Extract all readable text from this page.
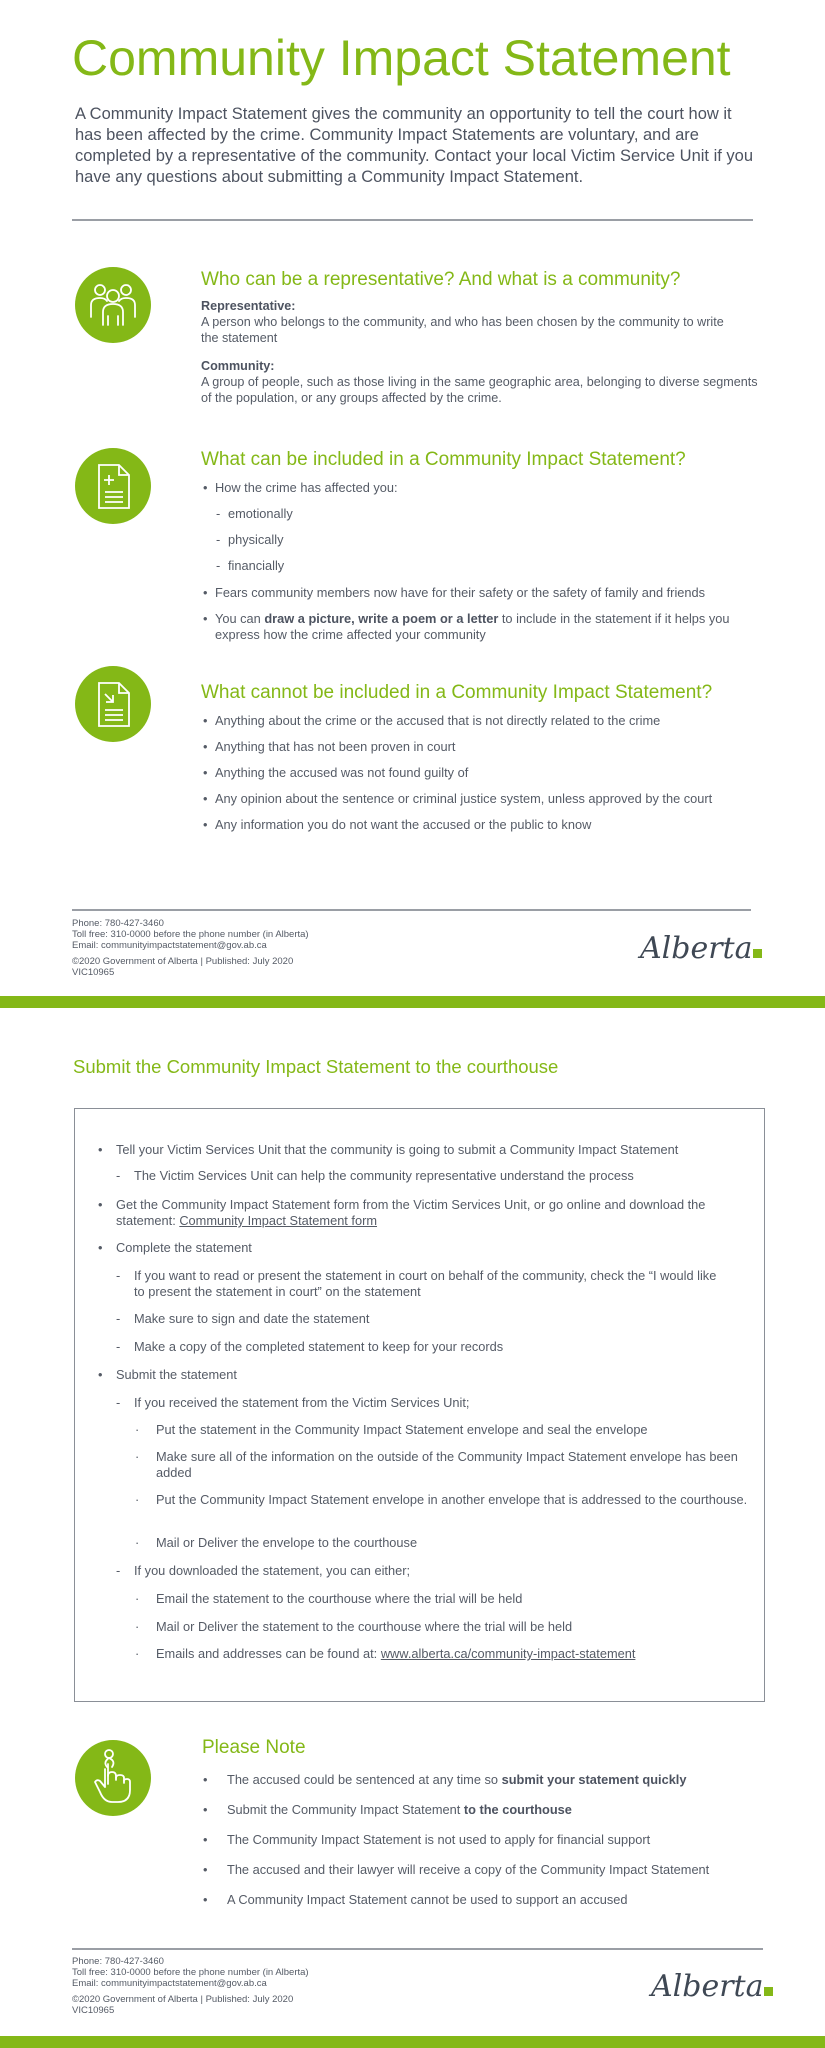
Community Impact Statement
A Community Impact Statement gives the community an opportunity to tell the court how it has been affected by the crime. Community Impact Statements are voluntary, and are completed by a representative of the community. Contact your local Victim Service Unit if you have any questions about submitting a Community Impact Statement.
Who can be a representative? And what is a community?
Representative:
A person who belongs to the community, and who has been chosen by the community to write the statement
Community:
A group of people, such as those living in the same geographic area, belonging to diverse segments of the population, or any groups affected by the crime.
What can be included in a Community Impact Statement?
• How the crime has affected you:
- emotionally
- physically
- financially
• Fears community members now have for their safety or the safety of family and friends
• You can draw a picture, write a poem or a letter to include in the statement if it helps you express how the crime affected your community
What cannot be included in a Community Impact Statement?
• Anything about the crime or the accused that is not directly related to the crime
• Anything that has not been proven in court
• Anything the accused was not found guilty of
• Any opinion about the sentence or criminal justice system, unless approved by the court
• Any information you do not want the accused or the public to know
Phone: 780-427-3460
Toll free: 310-0000 before the phone number (in Alberta)
Email: communityimpactstatement@gov.ab.ca
©2020 Government of Alberta | Published: July 2020
VIC10965
Alberta
Submit the Community Impact Statement to the courthouse
• Tell your Victim Services Unit that the community is going to submit a Community Impact Statement
- The Victim Services Unit can help the community representative understand the process
• Get the Community Impact Statement form from the Victim Services Unit, or go online and download the statement: Community Impact Statement form
• Complete the statement
- If you want to read or present the statement in court on behalf of the community, check the “I would like to present the statement in court” on the statement
- Make sure to sign and date the statement
- Make a copy of the completed statement to keep for your records
• Submit the statement
- If you received the statement from the Victim Services Unit;
· Put the statement in the Community Impact Statement envelope and seal the envelope
· Make sure all of the information on the outside of the Community Impact Statement envelope has been added
· Put the Community Impact Statement envelope in another envelope that is addressed to the courthouse.
· Mail or Deliver the envelope to the courthouse
- If you downloaded the statement, you can either;
· Email the statement to the courthouse where the trial will be held
· Mail or Deliver the statement to the courthouse where the trial will be held
· Emails and addresses can be found at: www.alberta.ca/community-impact-statement
Please Note
• The accused could be sentenced at any time so submit your statement quickly
• Submit the Community Impact Statement to the courthouse
• The Community Impact Statement is not used to apply for financial support
• The accused and their lawyer will receive a copy of the Community Impact Statement
• A Community Impact Statement cannot be used to support an accused
Phone: 780-427-3460
Toll free: 310-0000 before the phone number (in Alberta)
Email: communityimpactstatement@gov.ab.ca
©2020 Government of Alberta | Published: July 2020
VIC10965
Alberta
